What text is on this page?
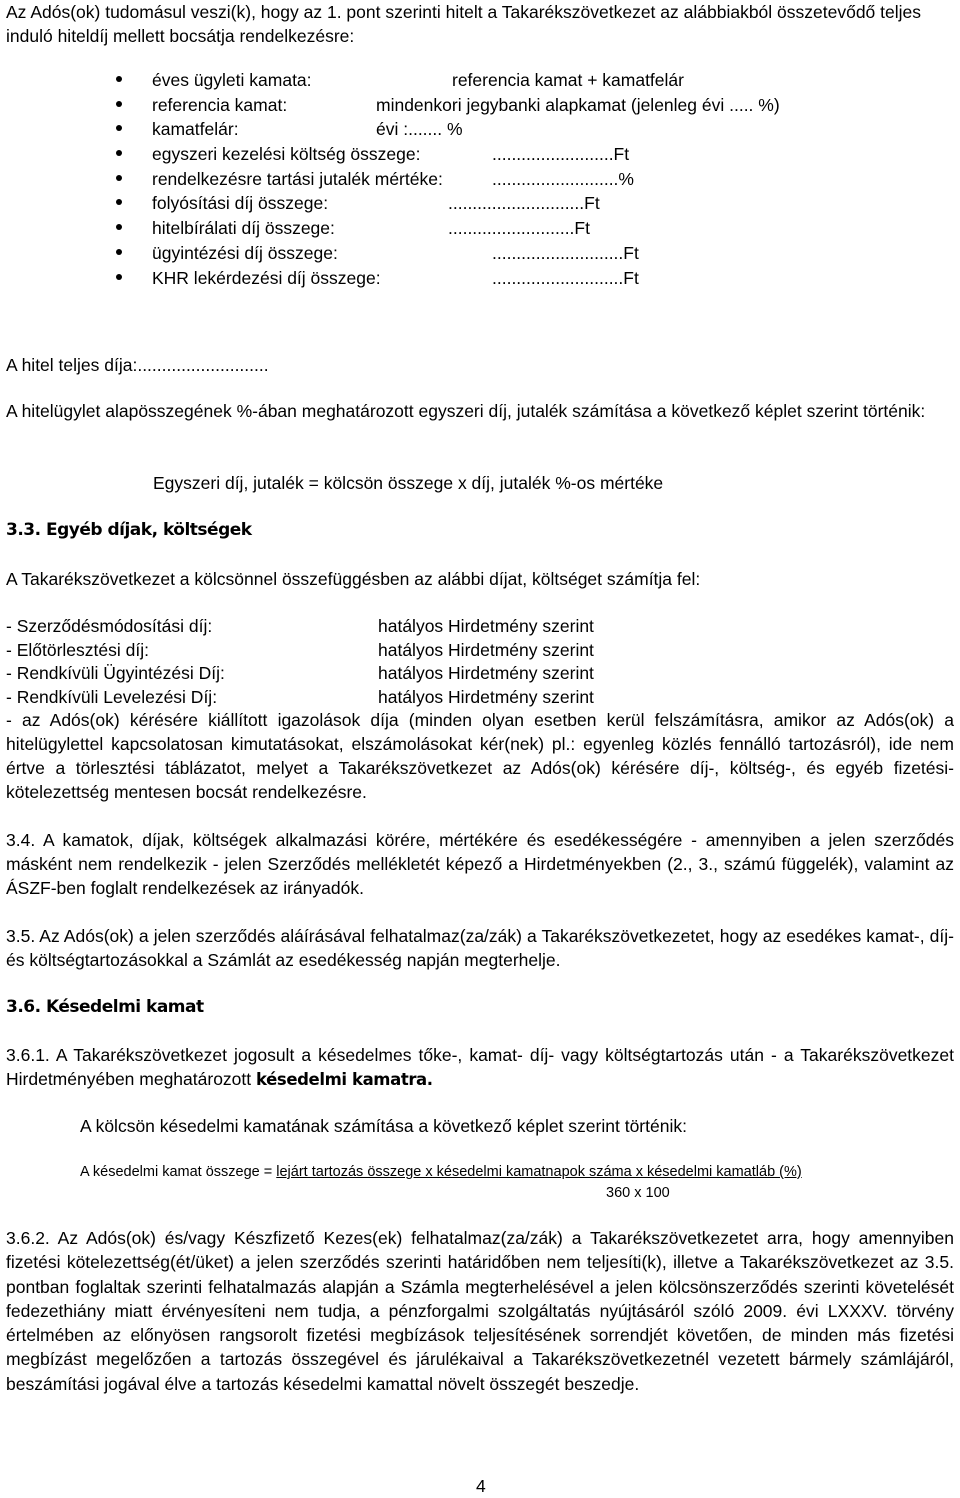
Az Adós(ok) tudomásul veszi(k), hogy az 1. pont szerinti hitelt a Takarékszövetkezet az alábbiakból összetevődő teljes induló hiteldíj mellett bocsátja rendelkezésre:

éves ügyleti kamata:	referencia kamat + kamatfelár
referencia kamat:	mindenkori jegybanki alapkamat (jelenleg évi ..... %)
kamatfelár:	évi :....... %
egyszeri kezelési költség összege:	.........................Ft
rendelkezésre tartási jutalék mértéke:	..........................%
folyósítási díj összege:	............................Ft
hitelbírálati díj összege:	..........................Ft
ügyintézési díj összege:	...........................Ft
KHR lekérdezési díj összege:	...........................Ft
A hitel teljes díja:...........................

A hitelügylet alapösszegének %-ában meghatározott egyszeri díj, jutalék számítása a következő képlet szerint történik:

Egyszeri díj, jutalék = kölcsön összege x díj, jutalék %-os mértéke
3.3. Egyéb díjak, költségek
A Takarékszövetkezet a kölcsönnel összefüggésben az alábbi díjat, költséget számítja fel:
- Szerződésmódosítási díj:	hatályos Hirdetmény szerint
- Előtörlesztési díj:	hatályos Hirdetmény szerint
- Rendkívüli Ügyintézési Díj:	hatályos Hirdetmény szerint
- Rendkívüli Levelezési Díj:	hatályos Hirdetmény szerint

- az Adós(ok) kérésére kiállított igazolások díja (minden olyan esetben kerül felszámításra, amikor az Adós(ok) a hitelügylettel kapcsolatosan kimutatásokat, elszámolásokat kér(nek) pl.: egyenleg közlés fennálló tartozásról), ide nem értve a törlesztési táblázatot, melyet a Takarékszövetkezet az Adós(ok) kérésére díj-, költség-, és egyéb fizetési-kötelezettség mentesen bocsát rendelkezésre.

3.4. A kamatok, díjak, költségek alkalmazási körére, mértékére és esedékességére - amennyiben a jelen szerződés másként nem rendelkezik - jelen Szerződés mellékletét képező a Hirdetményekben (2., 3., számú függelék), valamint az ÁSZF-ben foglalt rendelkezések az irányadók.

3.5. Az Adós(ok) a jelen szerződés aláírásával felhatalmaz(za/zák) a Takarékszövetkezetet, hogy az esedékes kamat-, díj- és költségtartozásokkal a Számlát az esedékesség napján megterhelje.

3.6. Késedelmi kamat

3.6.1. A Takarékszövetkezet jogosult a késedelmes tőke-, kamat- díj- vagy költségtartozás után - a Takarékszövetkezet Hirdetményében meghatározott késedelmi kamatra.

A kölcsön késedelmi kamatának számítása a következő képlet szerint történik:
A késedelmi kamat összege = lejárt tartozás összege x késedelmi kamatnapok száma x késedelmi kamatláb (%)
360 x 100

3.6.2. Az Adós(ok) és/vagy Készfizető Kezes(ek) felhatalmaz(za/zák) a Takarékszövetkezetet arra, hogy amennyiben fizetési kötelezettség(ét/üket) a jelen szerződés szerinti határidőben nem teljesíti(k), illetve a Takarékszövetkezet az 3.5. pontban foglaltak szerinti felhatalmazás alapján a Számla megterhelésével a jelen kölcsönszerződés szerinti követelését fedezethiány miatt érvényesíteni nem tudja, a pénzforgalmi szolgáltatás nyújtásáról szóló 2009. évi LXXXV. törvény értelmében az előnyösen rangsorolt fizetési megbízások teljesítésének sorrendjét követően, de minden más fizetési megbízást megelőzően a tartozás összegével és járulékaival a Takarékszövetkezetnél vezetett bármely számlájáról, beszámítási jogával élve a tartozás késedelmi kamattal növelt összegét beszedje.

4
